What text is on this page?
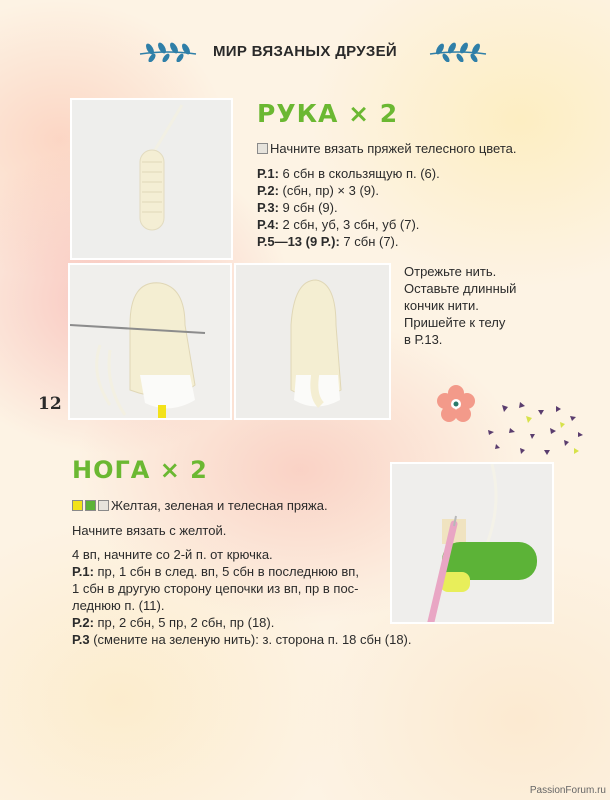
МИР ВЯЗАНЫХ ДРУЗЕЙ
РУКА × 2
Начните вязать пряжей телесного цвета.
Р.1: 6 сбн в скользящую п. (6).
Р.2: (сбн, пр) × 3 (9).
Р.3: 9 сбн (9).
Р.4: 2 сбн, уб, 3 сбн, уб (7).
Р.5—13 (9 Р.): 7 сбн (7).
Отрежьте нить.
Оставьте длинный
кончик нити.
Пришейте к телу
в Р.13.
12
НОГА × 2
Желтая, зеленая и телесная пряжа.
Начните вязать с желтой.
4 вп, начните со 2-й п. от крючка.
Р.1: пр, 1 сбн в след. вп, 5 сбн в последнюю вп,
1 сбн в другую сторону цепочки из вп, пр в пос-
леднюю п. (11).
Р.2: пр, 2 сбн, 5 пр, 2 сбн, пр (18).
Р.3 (смените на зеленую нить): з. сторона п. 18 сбн (18).
PassionForum.ru
